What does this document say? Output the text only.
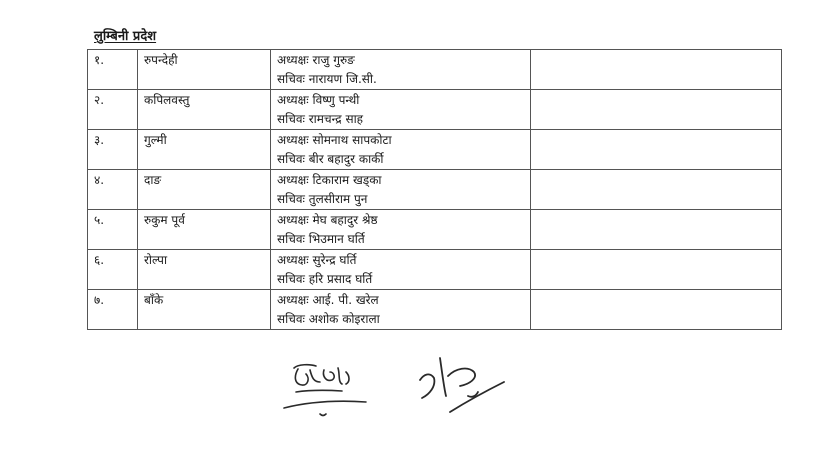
लुम्बिनी प्रदेश
१.	रुपन्देही	अध्यक्षः राजु गुरुङ
सचिवः नारायण जि.सी.	

२.	कपिलवस्तु	अध्यक्षः विष्णु पन्थी
सचिवः रामचन्द्र साह	

३.	गुल्मी	अध्यक्षः सोमनाथ सापकोटा
सचिवः बीर बहादुर कार्की	

४.	दाङ	अध्यक्षः टिकाराम खड्का
सचिवः तुलसीराम पुन	

५.	रुकुम पूर्व	अध्यक्षः मेघ बहादुर श्रेष्ठ
सचिवः भिउमान घर्ति	

६.	रोल्पा	अध्यक्षः सुरेन्द्र घर्ति
सचिवः हरि प्रसाद घर्ति	

७.	बाँके	अध्यक्षः आई. पी. खरेल
सचिवः अशोक कोइराला	
